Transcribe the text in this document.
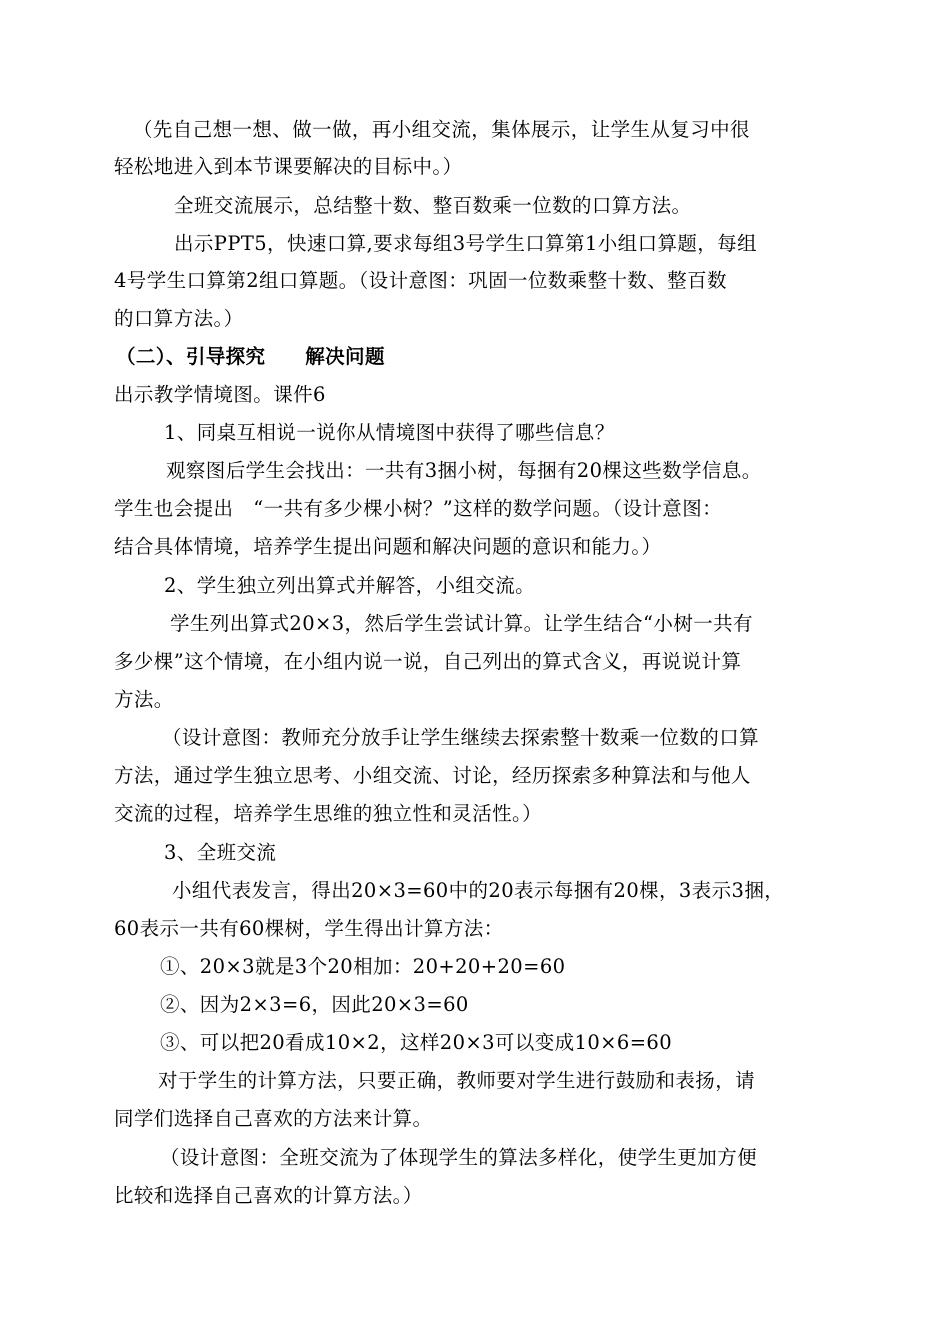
（先自己想一想、做一做，再小组交流，集体展示，让学生从复习中很
轻松地进入到本节课要解决的目标中。）
全班交流展示，总结整十数、整百数乘一位数的口算方法。
出示PPT5，快速口算,要求每组3号学生口算第1小组口算题，每组
4号学生口算第2组口算题。（设计意图：巩固一位数乘整十数、整百数
的口算方法。）
（二）、引导探究　　解决问题
出示教学情境图。课件6
1、同桌互相说一说你从情境图中获得了哪些信息？
观察图后学生会找出：一共有3捆小树，每捆有20棵这些数学信息。
学生也会提出　“一共有多少棵小树？”这样的数学问题。（设计意图：
结合具体情境，培养学生提出问题和解决问题的意识和能力。）
2、学生独立列出算式并解答，小组交流。
学生列出算式20×3，然后学生尝试计算。让学生结合“小树一共有
多少棵”这个情境，在小组内说一说，自己列出的算式含义，再说说计算
方法。
（设计意图：教师充分放手让学生继续去探索整十数乘一位数的口算
方法，通过学生独立思考、小组交流、讨论，经历探索多种算法和与他人
交流的过程，培养学生思维的独立性和灵活性。）
3、全班交流
小组代表发言，得出20×3=60中的20表示每捆有20棵，3表示3捆，
60表示一共有60棵树，学生得出计算方法：
①、20×3就是3个20相加：20+20+20=60
②、因为2×3=6，因此20×3=60
③、可以把20看成10×2，这样20×3可以变成10×6=60
对于学生的计算方法，只要正确，教师要对学生进行鼓励和表扬，请
同学们选择自己喜欢的方法来计算。
（设计意图：全班交流为了体现学生的算法多样化，使学生更加方便
比较和选择自己喜欢的计算方法。）
